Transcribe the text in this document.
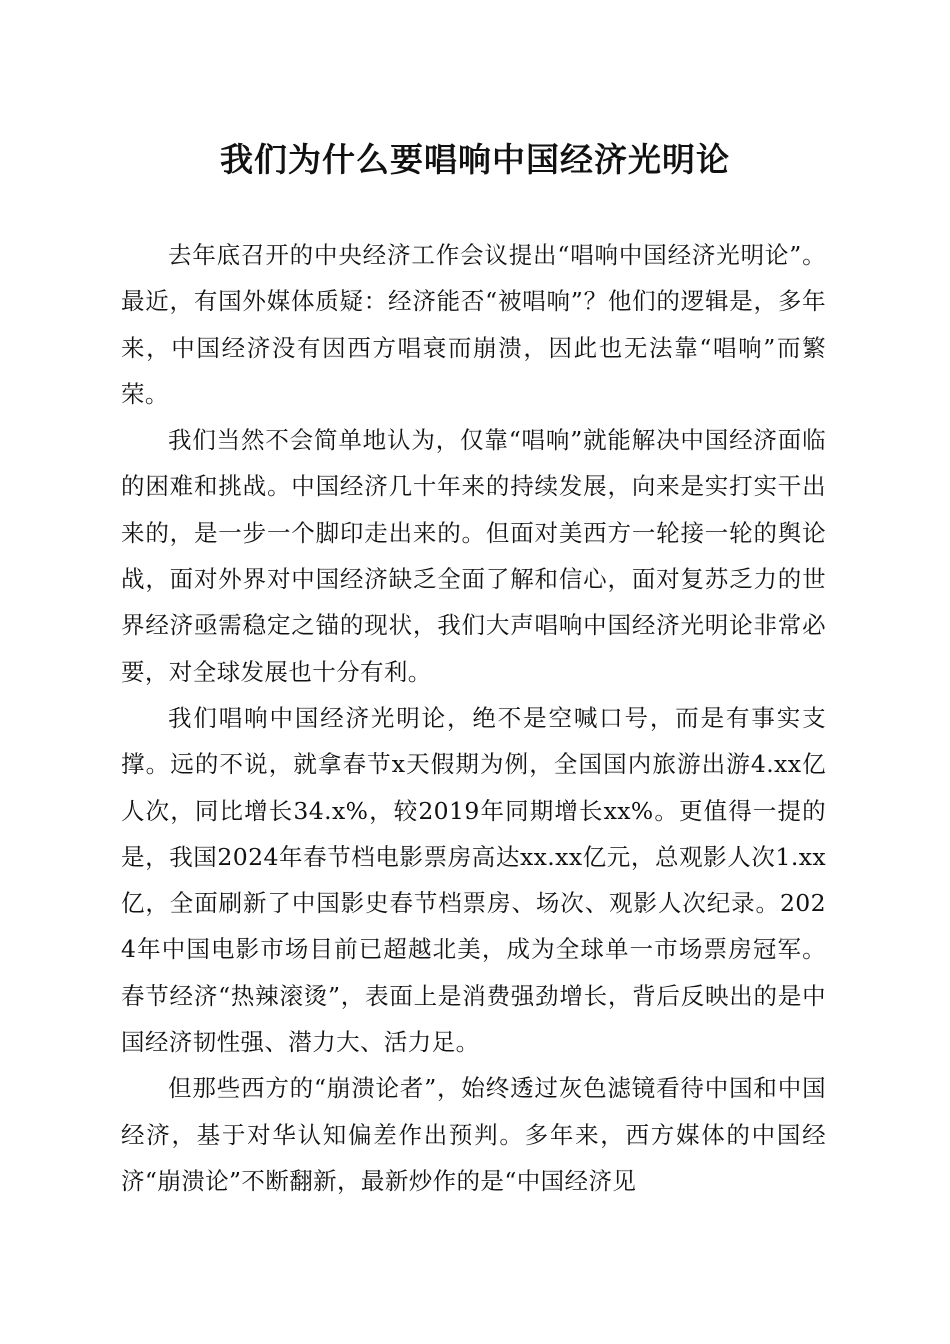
我们为什么要唱响中国经济光明论

去年底召开的中央经济工作会议提出“唱响中国经济光明论”。最近，有国外媒体质疑：经济能否“被唱响”？他们的逻辑是，多年来，中国经济没有因西方唱衰而崩溃，因此也无法靠“唱响”而繁荣。

我们当然不会简单地认为，仅靠“唱响”就能解决中国经济面临的困难和挑战。中国经济几十年来的持续发展，向来是实打实干出来的，是一步一个脚印走出来的。但面对美西方一轮接一轮的舆论战，面对外界对中国经济缺乏全面了解和信心，面对复苏乏力的世界经济亟需稳定之锚的现状，我们大声唱响中国经济光明论非常必要，对全球发展也十分有利。

我们唱响中国经济光明论，绝不是空喊口号，而是有事实支撑。远的不说，就拿春节x天假期为例，全国国内旅游出游4.xx亿人次，同比增长34.x%，较2019年同期增长xx%。更值得一提的是，我国2024年春节档电影票房高达xx.xx亿元，总观影人次1.xx亿，全面刷新了中国影史春节档票房、场次、观影人次纪录。2024年中国电影市场目前已超越北美，成为全球单一市场票房冠军。春节经济“热辣滚烫”，表面上是消费强劲增长，背后反映出的是中国经济韧性强、潜力大、活力足。

但那些西方的“崩溃论者”，始终透过灰色滤镜看待中国和中国经济，基于对华认知偏差作出预判。多年来，西方媒体的中国经济“崩溃论”不断翻新，最新炒作的是“中国经济见
